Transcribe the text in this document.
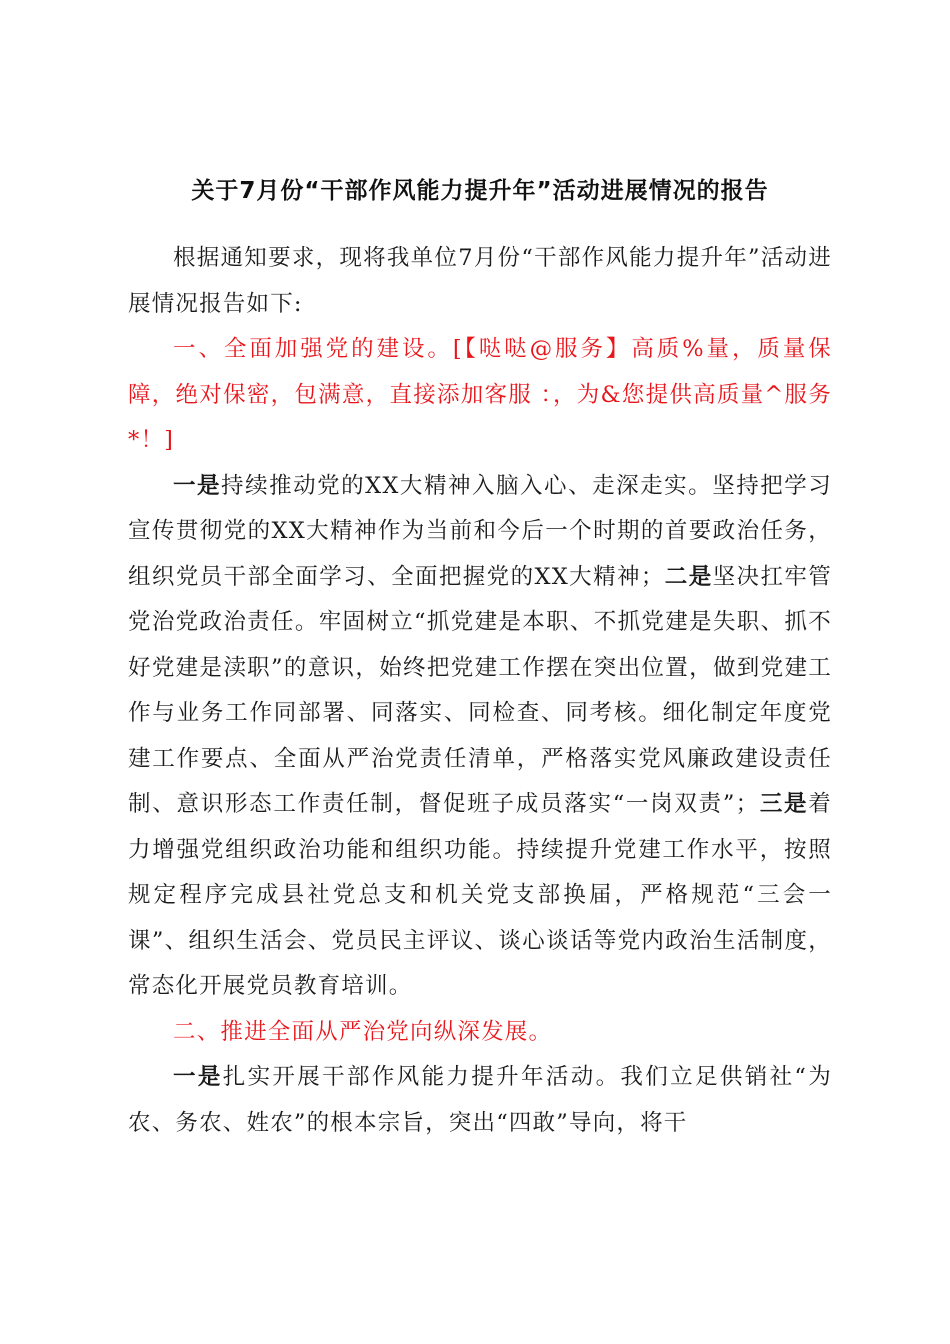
关于7月份“干部作风能力提升年”活动进展情况的报告

根据通知要求，现将我单位7月份“干部作风能力提升年”活动进展情况报告如下:

一、全面加强党的建设。[【哒哒@服务】高质%量，质量保障，绝对保密，包满意，直接添加客服 ：，为&您提供高质量^服务*！]

一是持续推动党的XX大精神入脑入心、走深走实。坚持把学习宣传贯彻党的XX大精神作为当前和今后一个时期的首要政治任务，组织党员干部全面学习、全面把握党的XX大精神；二是坚决扛牢管党治党政治责任。牢固树立“抓党建是本职、不抓党建是失职、抓不好党建是渎职”的意识，始终把党建工作摆在突出位置，做到党建工作与业务工作同部署、同落实、同检查、同考核。细化制定年度党建工作要点、全面从严治党责任清单，严格落实党风廉政建设责任制、意识形态工作责任制，督促班子成员落实“一岗双责”；三是着力增强党组织政治功能和组织功能。持续提升党建工作水平，按照规定程序完成县社党总支和机关党支部换届，严格规范“三会一课”、组织生活会、党员民主评议、谈心谈话等党内政治生活制度，常态化开展党员教育培训。

二、推进全面从严治党向纵深发展。

一是扎实开展干部作风能力提升年活动。我们立足供销社“为农、务农、姓农”的根本宗旨，突出“四敢”导向，将干
